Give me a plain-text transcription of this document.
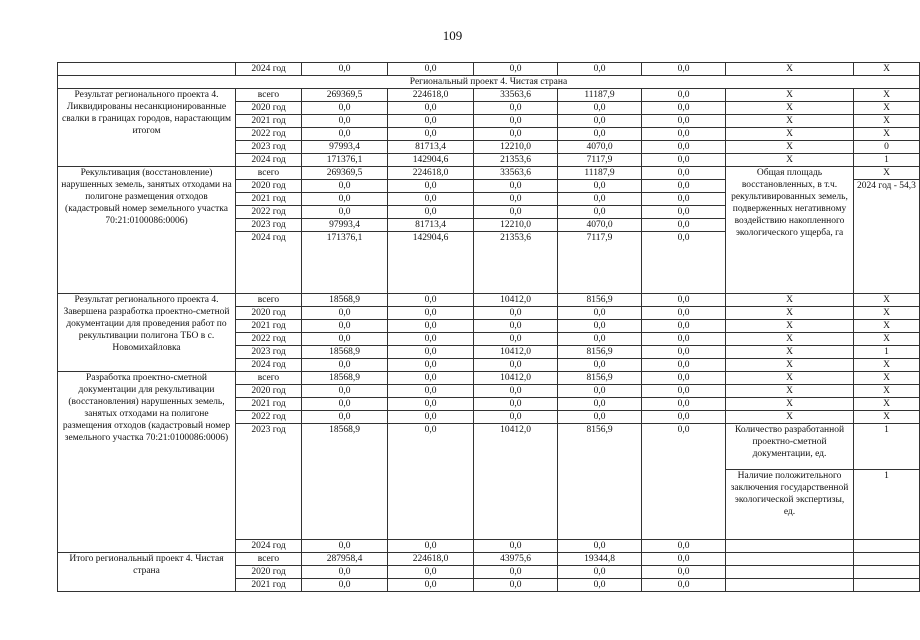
109
	2024 год	0,0	0,0	0,0	0,0	0,0	X	X
Региональный проект 4. Чистая страна								
Результат регионального проекта 4. Ликвидированы несанкционированные свалки в границах городов, нарастающим итогом	всего	269369,5	224618,0	33563,6	11187,9	0,0	X	X
	2020 год	0,0	0,0	0,0	0,0	0,0	X	X
	2021 год	0,0	0,0	0,0	0,0	0,0	X	X
	2022 год	0,0	0,0	0,0	0,0	0,0	X	X
	2023 год	97993,4	81713,4	12210,0	4070,0	0,0	X	0
	2024 год	171376,1	142904,6	21353,6	7117,9	0,0	X	1
Рекультивация (восстановление) нарушенных земель, занятых отходами на полигоне размещения отходов (кадастровый номер земельного участка 70:21:0100086:0006)	всего	269369,5	224618,0	33563,6	11187,9	0,0	Общая площадь восстановленных, в т.ч. рекультивированных земель, подверженных негативному воздействию накопленного экологического ущерба, га	X
	2020 год	0,0	0,0	0,0	0,0	0,0		2024 год - 54,3
	2021 год	0,0	0,0	0,0	0,0	0,0		
	2022 год	0,0	0,0	0,0	0,0	0,0		
	2023 год	97993,4	81713,4	12210,0	4070,0	0,0		
	2024 год	171376,1	142904,6	21353,6	7117,9	0,0		
Результат регионального проекта 4. Завершена разработка проектно-сметной документации для проведения работ по рекультивации полигона ТБО в с. Новомихайловка	всего	18568,9	0,0	10412,0	8156,9	0,0	X	X
	2020 год	0,0	0,0	0,0	0,0	0,0	X	X
	2021 год	0,0	0,0	0,0	0,0	0,0	X	X
	2022 год	0,0	0,0	0,0	0,0	0,0	X	X
	2023 год	18568,9	0,0	10412,0	8156,9	0,0	X	1
	2024 год	0,0	0,0	0,0	0,0	0,0	X	X
Разработка проектно-сметной документации для рекультивации (восстановления) нарушенных земель, занятых отходами на полигоне размещения отходов (кадастровый номер земельного участка 70:21:0100086:0006)	всего	18568,9	0,0	10412,0	8156,9	0,0	X	X
	2020 год	0,0	0,0	0,0	0,0	0,0	X	X
	2021 год	0,0	0,0	0,0	0,0	0,0	X	X
	2022 год	0,0	0,0	0,0	0,0	0,0	X	X
	2023 год	18568,9	0,0	10412,0	8156,9	0,0	Количество разработанной проектно-сметной документации, ед.	1
							Наличие положительного заключения государственной экологической экспертизы, ед.	1
	2024 год	0,0	0,0	0,0	0,0	0,0		
Итого региональный проект 4. Чистая страна	всего	287958,4	224618,0	43975,6	19344,8	0,0		
	2020 год	0,0	0,0	0,0	0,0	0,0		
	2021 год	0,0	0,0	0,0	0,0	0,0		
